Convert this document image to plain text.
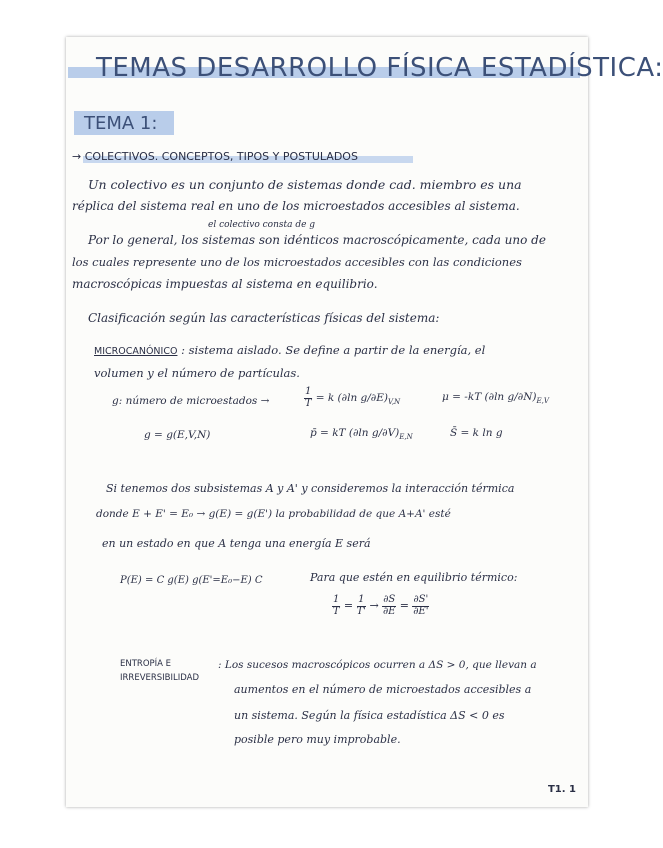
TEMAS DESARROLLO FÍSICA ESTADÍSTICA:
TEMA 1:
→ COLECTIVOS. CONCEPTOS, TIPOS Y POSTULADOS
Un colectivo es un conjunto de sistemas donde cad. miembro es una
réplica del sistema real en uno de los microestados accesibles al sistema.
el colectivo consta de g
Por lo general, los sistemas son idénticos macroscópicamente, cada uno de
los cuales represente uno de los microestados accesibles con las condiciones
macroscópicas impuestas al sistema en equilibrio.
Clasificación según las características físicas del sistema:
MICROCANÓNICO : sistema aislado. Se define a partir de la energía, el
volumen y el número de partículas.
g: número de microestados →	$\frac{1}{T} = k$ (∂ln $g/\partial E)_{V,N}$	μ = -kT (∂ln $g/\partial N)_{E,V}$
g = g(E,V,N)	p̄ = kT (∂ln $g/\partial V)_{E,N}$	S̄ = k ln g
Si tenemos dos subsistemas A y A' y consideremos la interacción térmica
donde E + E' = E₀ → g(E) = g(E') la probabilidad de que A+A' esté
en un estado en que A tenga una energía E será
P(E) = C g(E) g(E'=E₀−E) C	Para que estén en equilibrio térmico:
$\frac{1}{T} = \frac{1}{T'} \to \frac{\partial S}{\partial E} = \frac{\partial S'}{\partial E'}$
ENTROPÍA E
IRREVERSIBILIDAD
: Los sucesos macroscópicos ocurren a ΔS > 0, que llevan a
aumentos en el número de microestados accesibles a
un sistema. Según la física estadística ΔS < 0 es
posible pero muy improbable.
T1. 1
